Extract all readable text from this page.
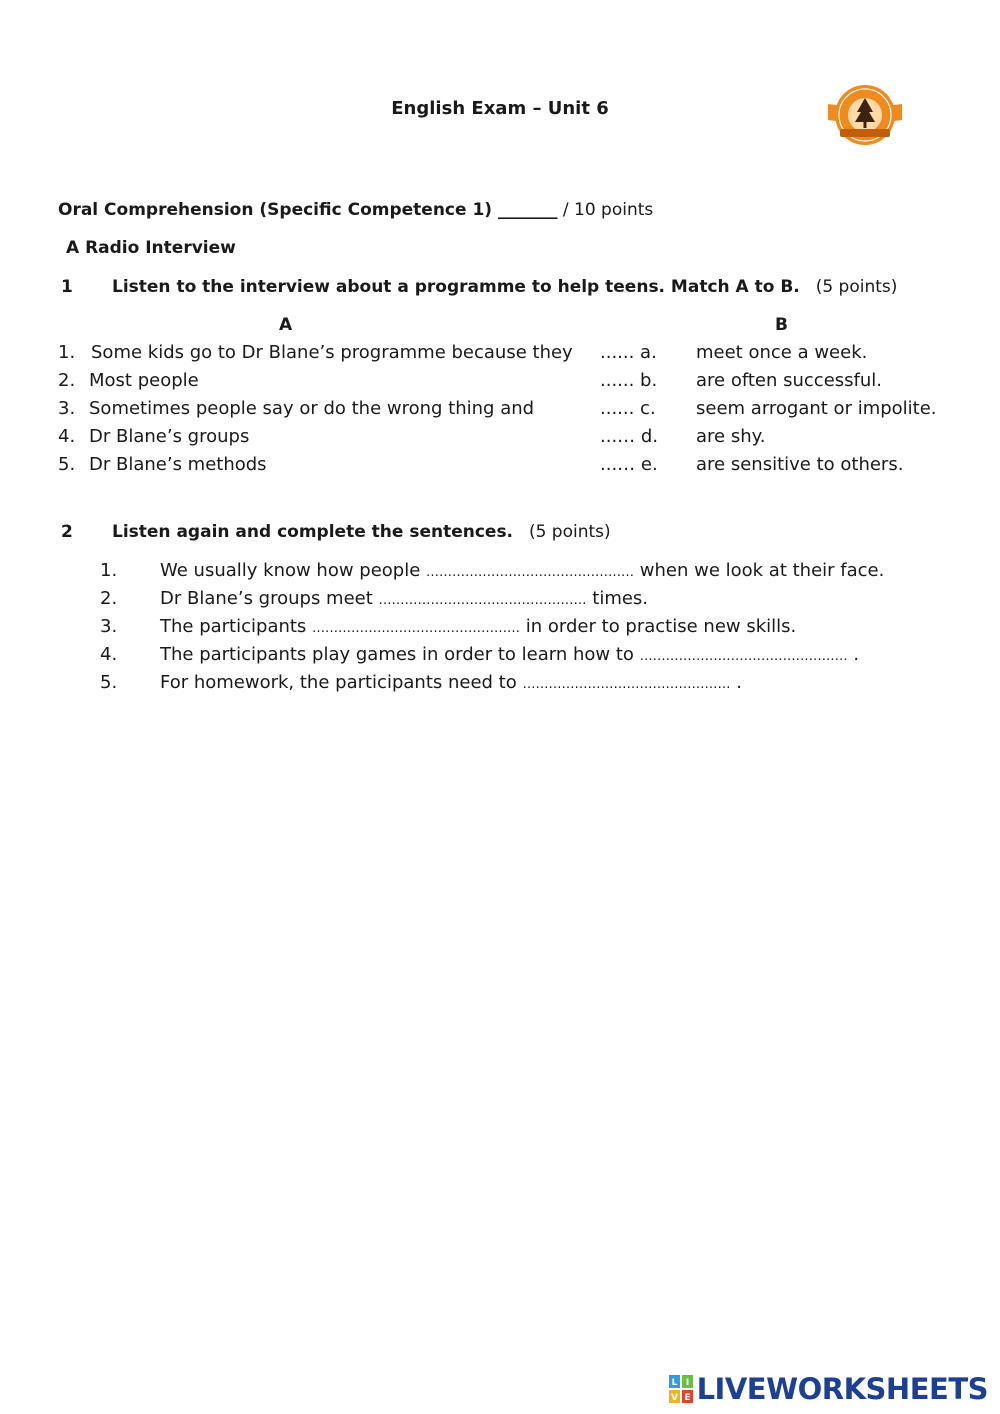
English Exam – Unit 6
Oral Comprehension (Specific Competence 1) _______ / 10 points
A Radio Interview
1 Listen to the interview about a programme to help teens. Match A to B. (5 points)
A	B
1. Some kids go to Dr Blane’s programme because they ...... a. meet once a week.
2. Most people	...... b. are often successful.
3. Sometimes people say or do the wrong thing and	...... c. seem arrogant or impolite.
4. Dr Blane’s groups	...… d. are shy.
5. Dr Blane’s methods	...… e. are sensitive to others.
2 Listen again and complete the sentences. (5 points)
1. We usually know how people ………………………………………… when we look at their face.
2. Dr Blane’s groups meet ………………………………………… times.
3. The participants ………………………………………… in order to practise new skills.
4. The participants play games in order to learn how to ………………………………………… .
5. For homework, the participants need to ………………………………………… .
L I
V E LIVEWORKSHEETS
